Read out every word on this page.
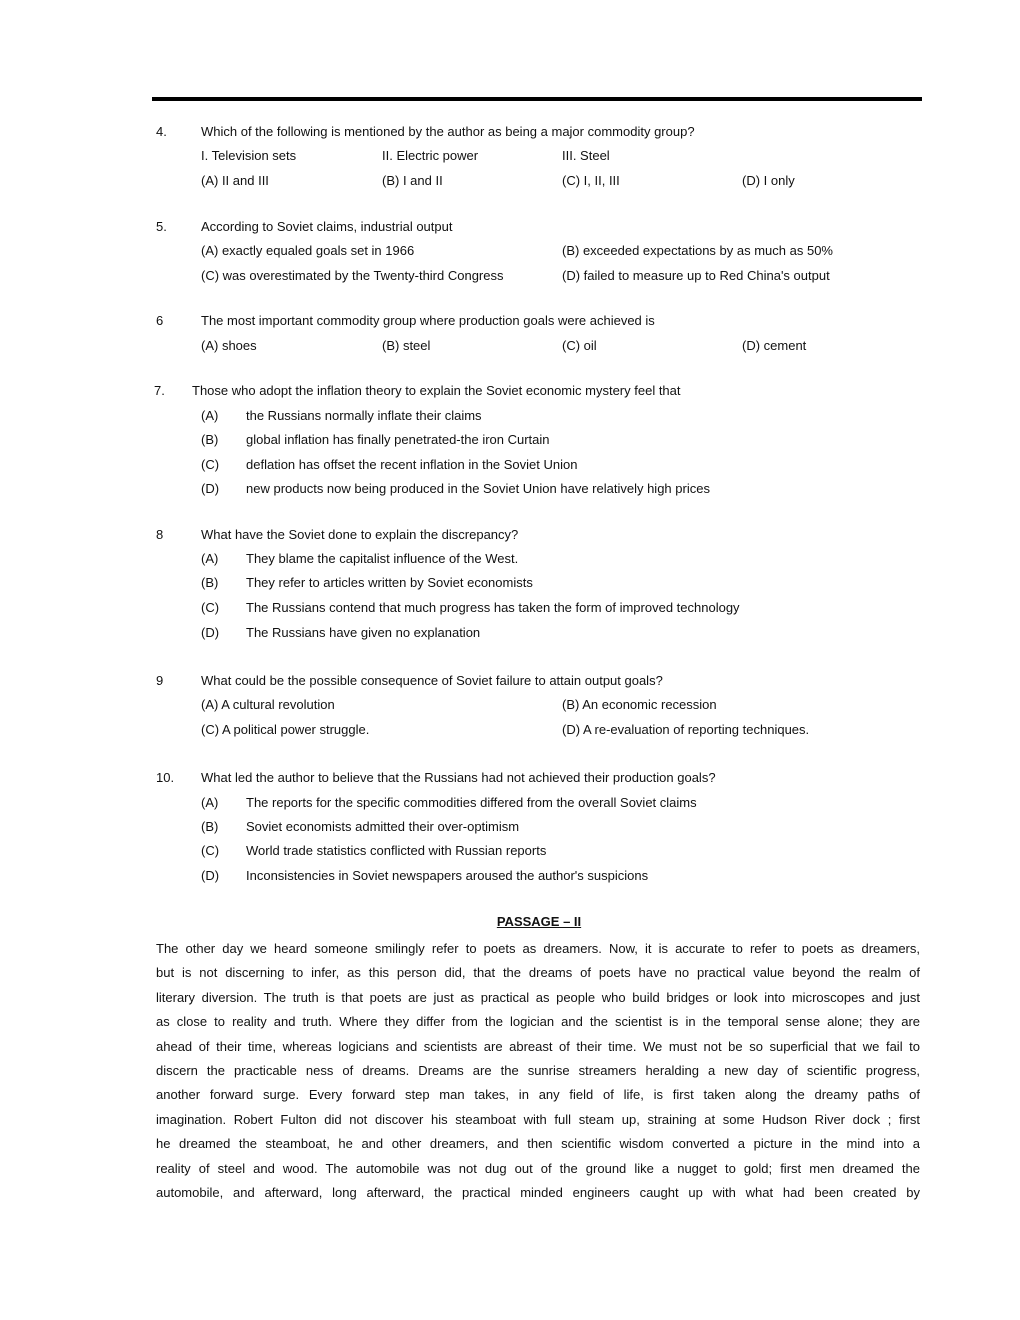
4.	Which of the following is mentioned by the author as being a major commodity group?
I. Television sets	II. Electric power	III. Steel
(A) II and III	(B) I and II	(C) I, II, III	(D) I only
5.	According to Soviet claims, industrial output
(A) exactly equaled goals set in 1966	(B) exceeded expectations by as much as 50%
(C) was overestimated by the Twenty-third Congress	(D) failed to measure up to Red China's output
6	The most important commodity group where production goals were achieved is
(A) shoes	(B) steel	(C) oil	(D) cement
7. Those who adopt the inflation theory to explain the Soviet economic mystery feel that
(A) the Russians normally inflate their claims
(B) global inflation has finally penetrated-the iron Curtain
(C) deflation has offset the recent inflation in the Soviet Union
(D) new products now being produced in the Soviet Union have relatively high prices
8	What have the Soviet done to explain the discrepancy?
(A) They blame the capitalist influence of the West.
(B) They refer to articles written by Soviet economists
(C) The Russians contend that much progress has taken the form of improved technology
(D) The Russians have given no explanation
9	What could be the possible consequence of Soviet failure to attain output goals?
(A) A cultural revolution	(B) An economic recession
(C) A political power struggle.	(D) A re-evaluation of reporting techniques.
10. What led the author to believe that the Russians had not achieved their production goals?
(A) The reports for the specific commodities differed from the overall Soviet claims
(B) Soviet economists admitted their over-optimism
(C) World trade statistics conflicted with Russian reports
(D) Inconsistencies in Soviet newspapers aroused the author's suspicions
PASSAGE – II
The other day we heard someone smilingly refer to poets as dreamers. Now, it is accurate to refer to poets as dreamers,
but is not discerning to infer, as this person did, that the dreams of poets have no practical value beyond the realm of
literary diversion. The truth is that poets are just as practical as people who build bridges or look into microscopes and just
as close to reality and truth. Where they differ from the logician and the scientist is in the temporal sense alone; they are
ahead of their time, whereas logicians and scientists are abreast of their time. We must not be so superficial that we fail to
discern the practicable ness of dreams. Dreams are the sunrise streamers heralding a new day of scientific progress,
another forward surge. Every forward step man takes, in any field of life, is first taken along the dreamy paths of
imagination. Robert Fulton did not discover his steamboat with full steam up, straining at some Hudson River dock ; first
he dreamed the steamboat, he and other dreamers, and then scientific wisdom converted a picture in the mind into a
reality of steel and wood. The automobile was not dug out of the ground like a nugget to gold; first men dreamed the
automobile, and afterward, long afterward, the practical minded engineers caught up with what had been created by
